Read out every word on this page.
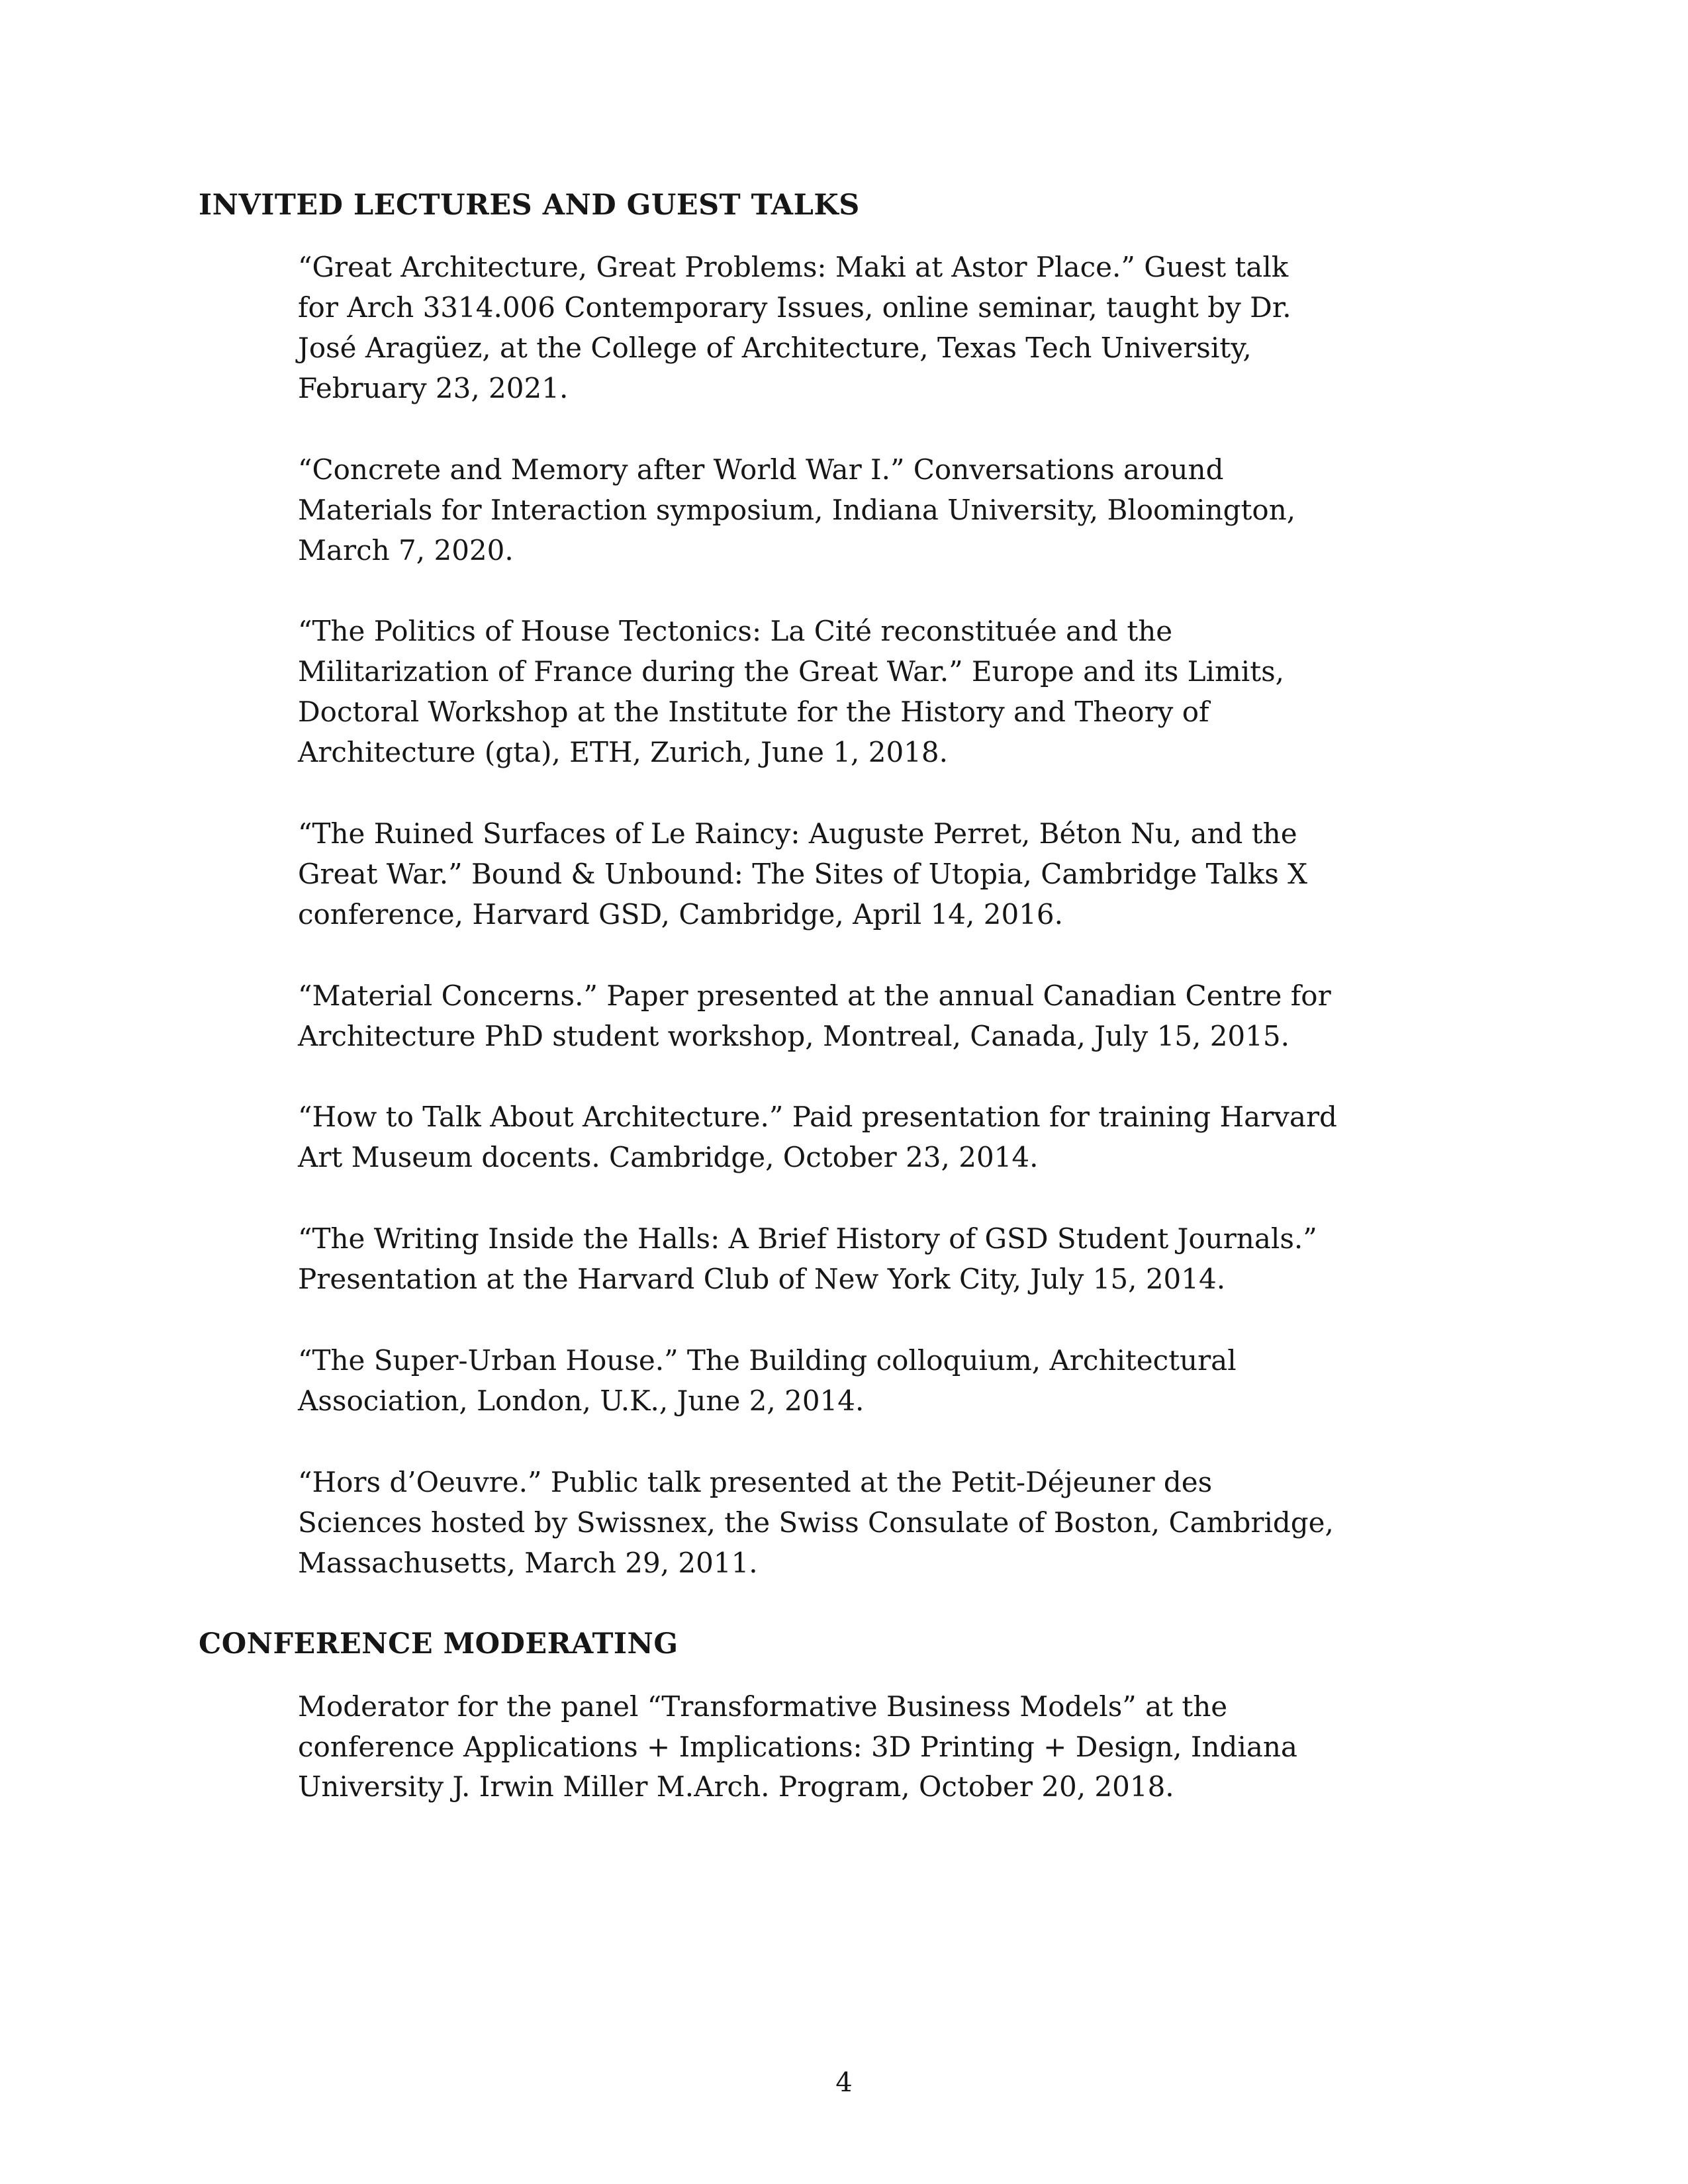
INVITED LECTURES AND GUEST TALKS

“Great Architecture, Great Problems: Maki at Astor Place.” Guest talk for Arch 3314.006 Contemporary Issues, online seminar, taught by Dr. José Aragüez, at the College of Architecture, Texas Tech University, February 23, 2021.

“Concrete and Memory after World War I.” Conversations around Materials for Interaction symposium, Indiana University, Bloomington, March 7, 2020.

“The Politics of House Tectonics: La Cité reconstituée and the Militarization of France during the Great War.” Europe and its Limits, Doctoral Workshop at the Institute for the History and Theory of Architecture (gta), ETH, Zurich, June 1, 2018.

“The Ruined Surfaces of Le Raincy: Auguste Perret, Béton Nu, and the Great War.” Bound & Unbound: The Sites of Utopia, Cambridge Talks X conference, Harvard GSD, Cambridge, April 14, 2016.

“Material Concerns.” Paper presented at the annual Canadian Centre for Architecture PhD student workshop, Montreal, Canada, July 15, 2015.

“How to Talk About Architecture.” Paid presentation for training Harvard Art Museum docents. Cambridge, October 23, 2014.

“The Writing Inside the Halls: A Brief History of GSD Student Journals.” Presentation at the Harvard Club of New York City, July 15, 2014.

“The Super-Urban House.” The Building colloquium, Architectural Association, London, U.K., June 2, 2014.

“Hors d’Oeuvre.” Public talk presented at the Petit-Déjeuner des Sciences hosted by Swissnex, the Swiss Consulate of Boston, Cambridge, Massachusetts, March 29, 2011.

CONFERENCE MODERATING

Moderator for the panel “Transformative Business Models” at the conference Applications + Implications: 3D Printing + Design, Indiana University J. Irwin Miller M.Arch. Program, October 20, 2018.

4
